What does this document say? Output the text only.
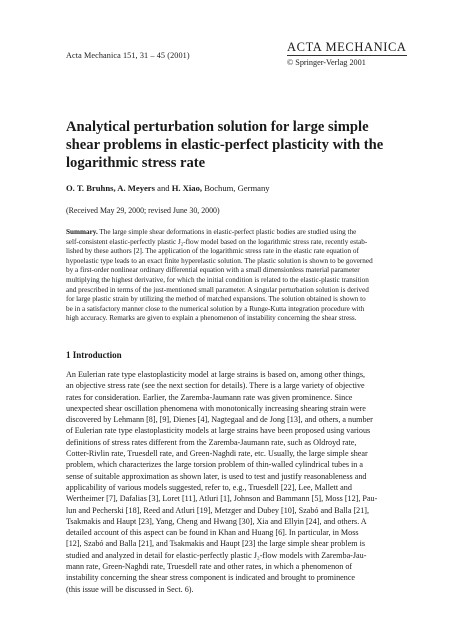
Acta Mechanica 151, 31 – 45 (2001)
ACTA MECHANICA
© Springer-Verlag 2001
Analytical perturbation solution for large simple
shear problems in elastic-perfect plasticity with the
logarithmic stress rate
O. T. Bruhns, A. Meyers and H. Xiao, Bochum, Germany
(Received May 29, 2000; revised June 30, 2000)
Summary. The large simple shear deformations in elastic-perfect plastic bodies are studied using the
self-consistent elastic-perfectly plastic J₂-flow model based on the logarithmic stress rate, recently estab-
lished by these authors [2]. The application of the logarithmic stress rate in the elastic rate equation of
hypoelastic type leads to an exact finite hyperelastic solution. The plastic solution is shown to be governed
by a first-order nonlinear ordinary differential equation with a small dimensionless material parameter
multiplying the highest derivative, for which the initial condition is related to the elastic-plastic transition
and prescribed in terms of the just-mentioned small parameter. A singular perturbation solution is derived
for large plastic strain by utilizing the method of matched expansions. The solution obtained is shown to
be in a satisfactory manner close to the numerical solution by a Runge-Kutta integration procedure with
high accuracy. Remarks are given to explain a phenomenon of instability concerning the shear stress.
1 Introduction
An Eulerian rate type elastoplasticity model at large strains is based on, among other things,
an objective stress rate (see the next section for details). There is a large variety of objective
rates for consideration. Earlier, the Zaremba-Jaumann rate was given prominence. Since
unexpected shear oscillation phenomena with monotonically increasing shearing strain were
discovered by Lehmann [8], [9], Dienes [4], Nagtegaal and de Jong [13], and others, a number
of Eulerian rate type elastoplasticity models at large strains have been proposed using various
definitions of stress rates different from the Zaremba-Jaumann rate, such as Oldroyd rate,
Cotter-Rivlin rate, Truesdell rate, and Green-Naghdi rate, etc. Usually, the large simple shear
problem, which characterizes the large torsion problem of thin-walled cylindrical tubes in a
sense of suitable approximation as shown later, is used to test and justify reasonableness and
applicability of various models suggested, refer to, e.g., Truesdell [22], Lee, Mallett and
Wertheimer [7], Dafalias [3], Loret [11], Atluri [1], Johnson and Bammann [5], Moss [12], Pau-
lun and Pecherski [18], Reed and Atluri [19], Metzger and Dubey [10], Szabó and Balla [21],
Tsakmakis and Haupt [23], Yang, Cheng and Hwang [30], Xia and Ellyin [24], and others. A
detailed account of this aspect can be found in Khan and Huang [6]. In particular, in Moss
[12], Szabó and Balla [21], and Tsakmakis and Haupt [23] the large simple shear problem is
studied and analyzed in detail for elastic-perfectly plastic J₂-flow models with Zaremba-Jau-
mann rate, Green-Naghdi rate, Truesdell rate and other rates, in which a phenomenon of
instability concerning the shear stress component is indicated and brought to prominence
(this issue will be discussed in Sect. 6).
